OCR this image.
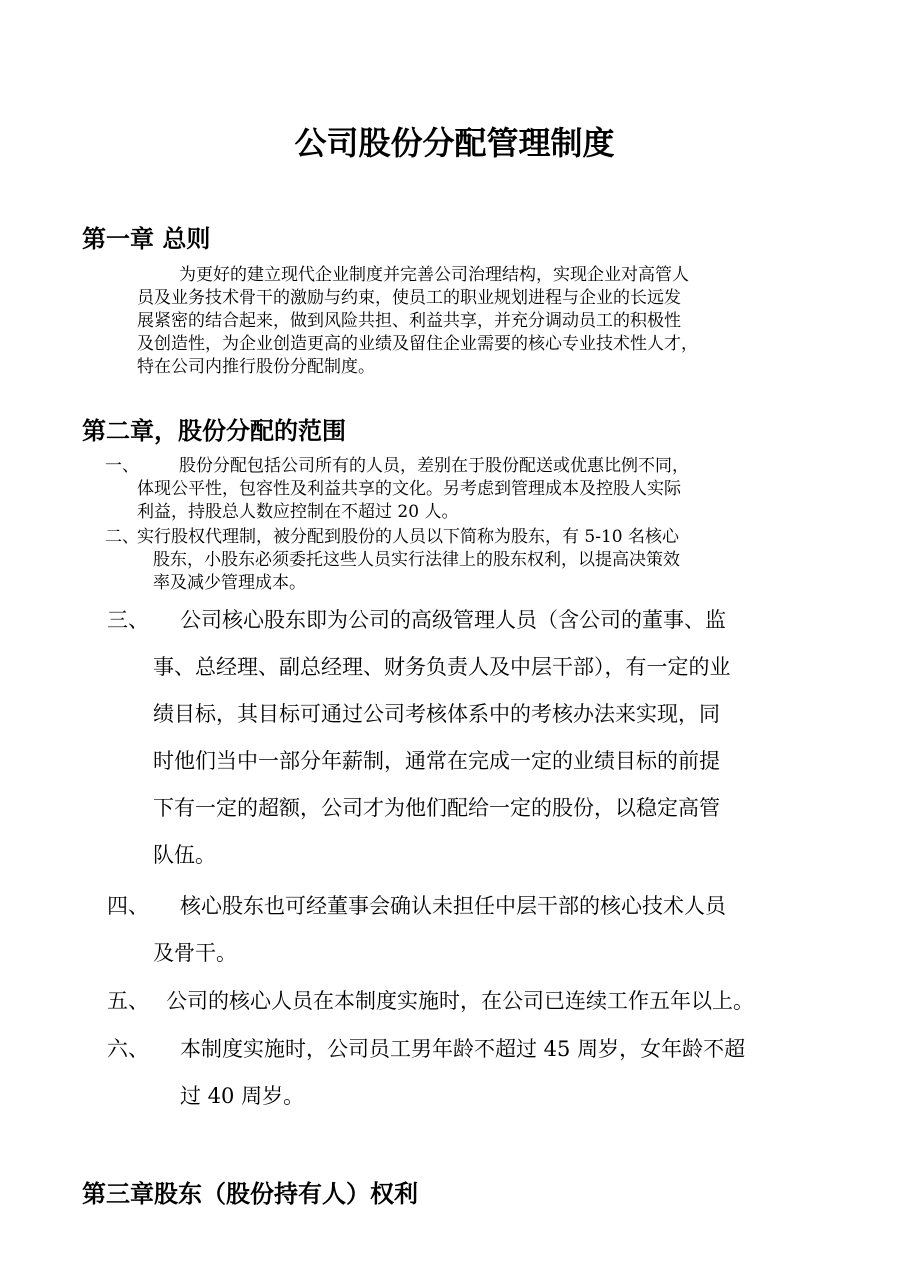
公司股份分配管理制度
第一章 总则
为更好的建立现代企业制度并完善公司治理结构，实现企业对高管人
员及业务技术骨干的激励与约束，使员工的职业规划进程与企业的长远发
展紧密的结合起来，做到风险共担、利益共享，并充分调动员工的积极性
及创造性，为企业创造更高的业绩及留住企业需要的核心专业技术性人才，
特在公司内推行股份分配制度。
第二章，股份分配的范围
一、 股份分配包括公司所有的人员，差别在于股份配送或优惠比例不同，
体现公平性，包容性及利益共享的文化。另考虑到管理成本及控股人实际
利益，持股总人数应控制在不超过 20 人。
二、实行股权代理制，被分配到股份的人员以下简称为股东，有 5-10 名核心
股东，小股东必须委托这些人员实行法律上的股东权利，以提高决策效
率及减少管理成本。
三、 公司核心股东即为公司的高级管理人员（含公司的董事、监
事、总经理、副总经理、财务负责人及中层干部），有一定的业
绩目标，其目标可通过公司考核体系中的考核办法来实现，同
时他们当中一部分年薪制，通常在完成一定的业绩目标的前提
下有一定的超额，公司才为他们配给一定的股份，以稳定高管
队伍。
四、 核心股东也可经董事会确认未担任中层干部的核心技术人员
及骨干。
五、 公司的核心人员在本制度实施时，在公司已连续工作五年以上。
六、 本制度实施时，公司员工男年龄不超过 45 周岁，女年龄不超
过 40 周岁。
第三章股东（股份持有人）权利
